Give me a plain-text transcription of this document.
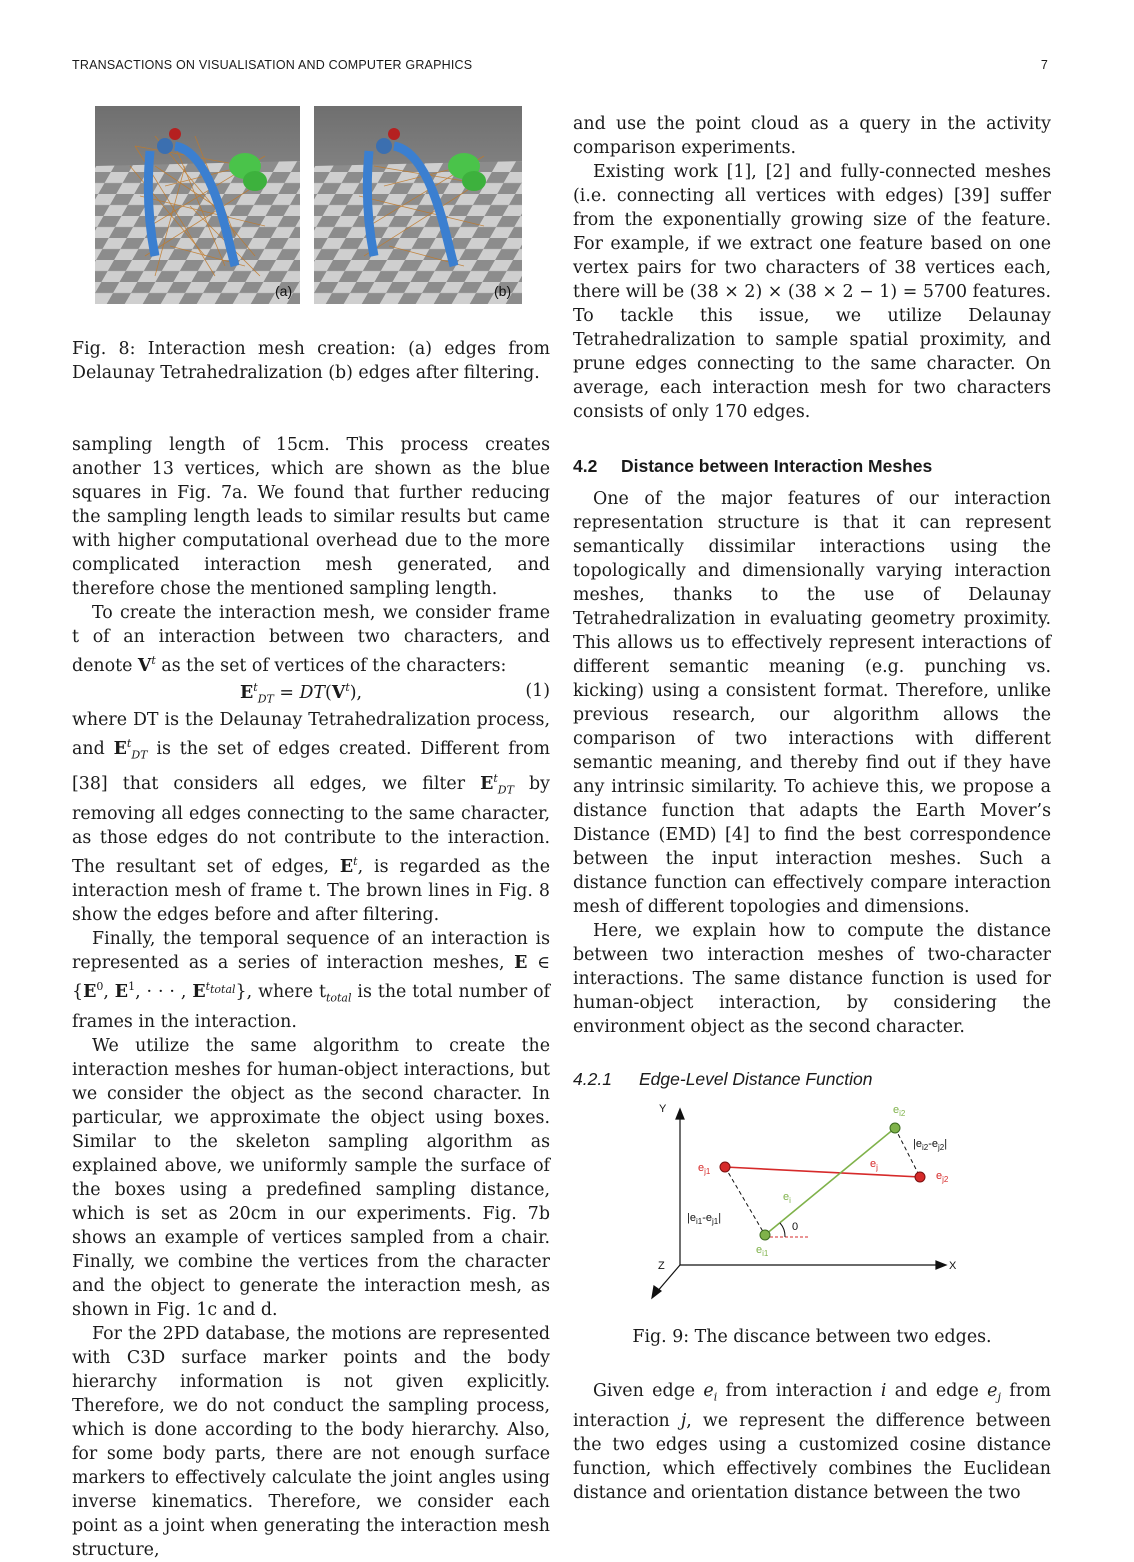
TRANSACTIONS ON VISUALISATION AND COMPUTER GRAPHICS	7
(a)	(b)
Fig. 8: Interaction mesh creation: (a) edges from Delaunay Tetrahedralization (b) edges after filtering.

sampling length of 15cm. This process creates another 13 vertices, which are shown as the blue squares in Fig. 7a. We found that further reducing the sampling length leads to similar results but came with higher computational overhead due to the more complicated interaction mesh generated, and therefore chose the mentioned sampling length.

To create the interaction mesh, we consider frame t of an interaction between two characters, and denote $V^t$ as the set of vertices of the characters:

$E^t_{DT} = DT(V^t)$,	(1)

where DT is the Delaunay Tetrahedralization process, and $E^t_{DT}$ is the set of edges created. Different from [38] that considers all edges, we filter $E^t_{DT}$ by removing all edges connecting to the same character, as those edges do not contribute to the interaction. The resultant set of edges, $E^t$, is regarded as the interaction mesh of frame t. The brown lines in Fig. 8 show the edges before and after filtering.

Finally, the temporal sequence of an interaction is represented as a series of interaction meshes, E ∈ {$E^0$, $E^1$, · · · , $E^{t_{total}}$}, where $t_{total}$ is the total number of frames in the interaction.

We utilize the same algorithm to create the interaction meshes for human-object interactions, but we consider the object as the second character. In particular, we approximate the object using boxes. Similar to the skeleton sampling algorithm as explained above, we uniformly sample the surface of the boxes using a predefined sampling distance, which is set as 20cm in our experiments. Fig. 7b shows an example of vertices sampled from a chair. Finally, we combine the vertices from the character and the object to generate the interaction mesh, as shown in Fig. 1c and d.

For the 2PD database, the motions are represented with C3D surface marker points and the body hierarchy information is not given explicitly. Therefore, we do not conduct the sampling process, which is done according to the body hierarchy. Also, for some body parts, there are not enough surface markers to effectively calculate the joint angles using inverse kinematics. Therefore, we consider each point as a joint when generating the interaction mesh structure,

and use the point cloud as a query in the activity comparison experiments.

Existing work [1], [2] and fully-connected meshes (i.e. connecting all vertices with edges) [39] suffer from the exponentially growing size of the feature. For example, if we extract one feature based on one vertex pairs for two characters of 38 vertices each, there will be (38 × 2) × (38 × 2 − 1) = 5700 features. To tackle this issue, we utilize Delaunay Tetrahedralization to sample spatial proximity, and prune edges connecting to the same character. On average, each interaction mesh for two characters consists of only 170 edges.

4.2 Distance between Interaction Meshes

One of the major features of our interaction representation structure is that it can represent semantically dissimilar interactions using the topologically and dimensionally varying interaction meshes, thanks to the use of Delaunay Tetrahedralization in evaluating geometry proximity. This allows us to effectively represent interactions of different semantic meaning (e.g. punching vs. kicking) using a consistent format. Therefore, unlike previous research, our algorithm allows the comparison of two interactions with different semantic meaning, and thereby find out if they have any intrinsic similarity. To achieve this, we propose a distance function that adapts the Earth Mover’s Distance (EMD) [4] to find the best correspondence between the input interaction meshes. Such a distance function can effectively compare interaction mesh of different topologies and dimensions.

Here, we explain how to compute the distance between two interaction meshes of two-character interactions. The same distance function is used for human-object interaction, by considering the environment object as the second character.

4.2.1 Edge-Level Distance Function
Y
X
Z
0
$e_{j1}$	$e_{j2}$
$e_{i1}$
$e_{i2}$
$e_j$
$e_i$
$|e_{i2}-e_{j2}|$
$|e_{i1}-e_{j1}|$
Fig. 9: The discance between two edges.

Given edge $e_i$ from interaction i and edge $e_j$ from interaction j, we represent the difference between the two edges using a customized cosine distance function, which effectively combines the Euclidean distance and orientation distance between the two
